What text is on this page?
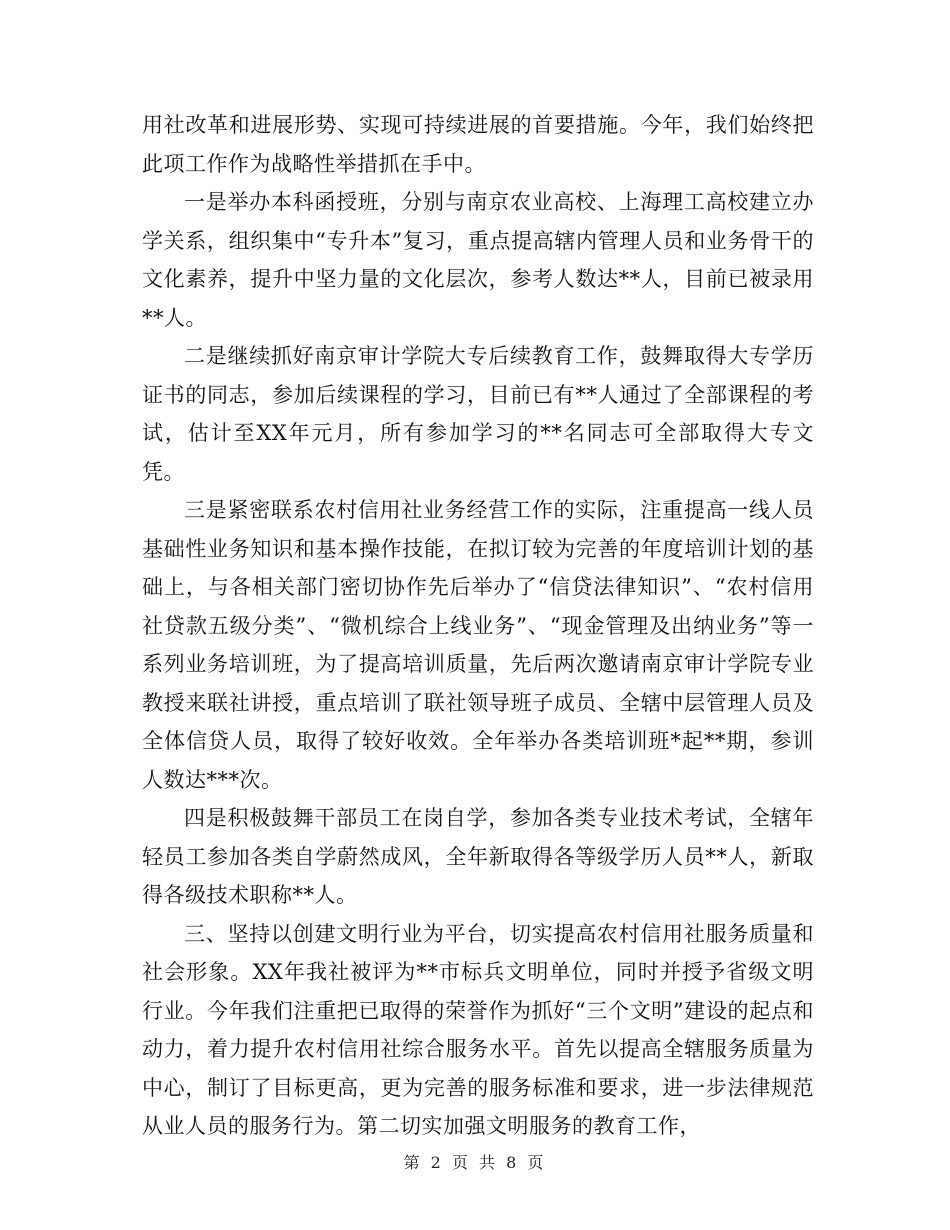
用社改革和进展形势、实现可持续进展的首要措施。今年，我们始终把此项工作作为战略性举措抓在手中。

一是举办本科函授班，分别与南京农业高校、上海理工高校建立办学关系，组织集中“专升本”复习，重点提高辖内管理人员和业务骨干的文化素养，提升中坚力量的文化层次，参考人数达**人，目前已被录用**人。

二是继续抓好南京审计学院大专后续教育工作，鼓舞取得大专学历证书的同志，参加后续课程的学习，目前已有**人通过了全部课程的考试，估计至XX年元月，所有参加学习的**名同志可全部取得大专文凭。

三是紧密联系农村信用社业务经营工作的实际，注重提高一线人员基础性业务知识和基本操作技能，在拟订较为完善的年度培训计划的基础上，与各相关部门密切协作先后举办了“信贷法律知识”、“农村信用社贷款五级分类”、“微机综合上线业务”、“现金管理及出纳业务”等一系列业务培训班，为了提高培训质量，先后两次邀请南京审计学院专业教授来联社讲授，重点培训了联社领导班子成员、全辖中层管理人员及全体信贷人员，取得了较好收效。全年举办各类培训班*起**期，参训人数达***次。

四是积极鼓舞干部员工在岗自学，参加各类专业技术考试，全辖年轻员工参加各类自学蔚然成风，全年新取得各等级学历人员**人，新取得各级技术职称**人。

三、坚持以创建文明行业为平台，切实提高农村信用社服务质量和社会形象。XX年我社被评为**市标兵文明单位，同时并授予省级文明行业。今年我们注重把已取得的荣誉作为抓好“三个文明”建设的起点和动力，着力提升农村信用社综合服务水平。首先以提高全辖服务质量为中心，制订了目标更高，更为完善的服务标准和要求，进一步法律规范从业人员的服务行为。第二切实加强文明服务的教育工作，

第 2 页 共 8 页
